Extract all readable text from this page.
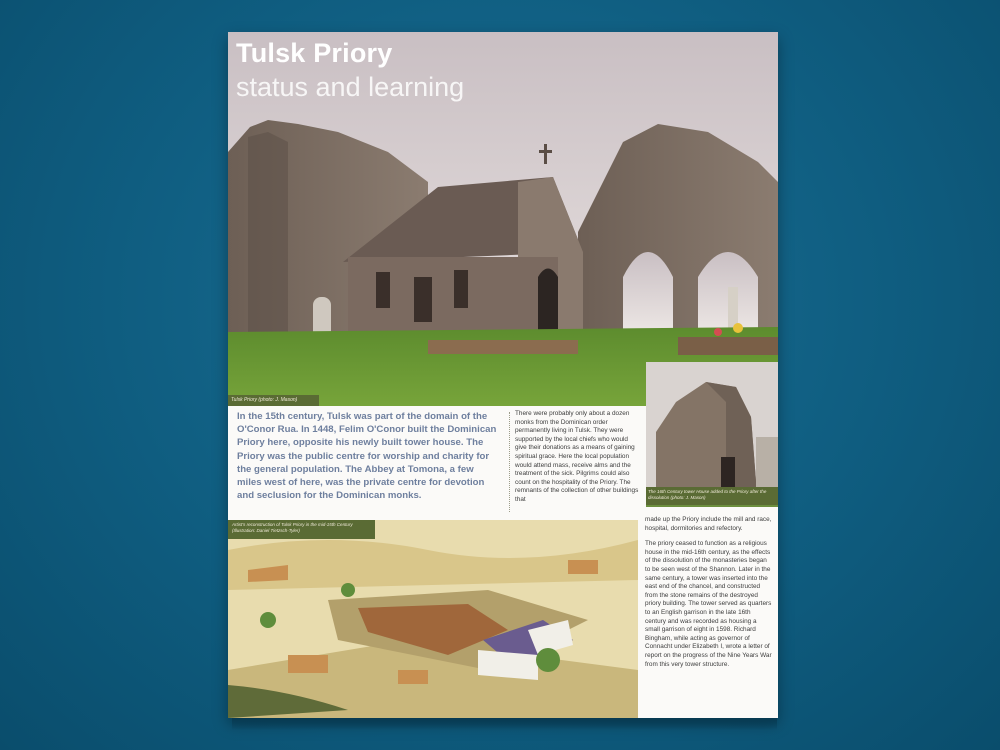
Tulsk Priory
status and learning
Tulsk Priory (photo: J. Mason)
The 16th Century tower House added to the Priory after the dissolution (photo: J. Mason)
In the 15th century, Tulsk was part of the domain of the O'Conor Rua. In 1448, Felim O'Conor built the Dominican Priory here, opposite his newly built tower house. The Priory was the public centre for worship and charity for the general population. The Abbey at Tomona, a few miles west of here, was the private centre for devotion and seclusion for the Dominican monks.

There were probably only about a dozen monks from the Dominican order permanently living in Tulsk. They were supported by the local chiefs who would give their donations as a means of gaining spiritual grace. Here the local population would attend mass, receive alms and the treatment of the sick. Pilgrims could also count on the hospitality of the Priory. The remnants of the collection of other buildings that

Artist's reconstruction of Tulsk Priory in the mid-15th Century (Illustration: Daniel Tietzsch-Tyler)

made up the Priory include the mill and race, hospital, dormitories and refectory.

The priory ceased to function as a religious house in the mid-16th century, as the effects of the dissolution of the monasteries began to be seen west of the Shannon. Later in the same century, a tower was inserted into the east end of the chancel, and constructed from the stone remains of the destroyed priory building. The tower served as quarters to an English garrison in the late 16th century and was recorded as housing a small garrison of eight in 1598. Richard Bingham, while acting as governor of Connacht under Elizabeth I, wrote a letter of report on the progress of the Nine Years War from this very tower structure.
